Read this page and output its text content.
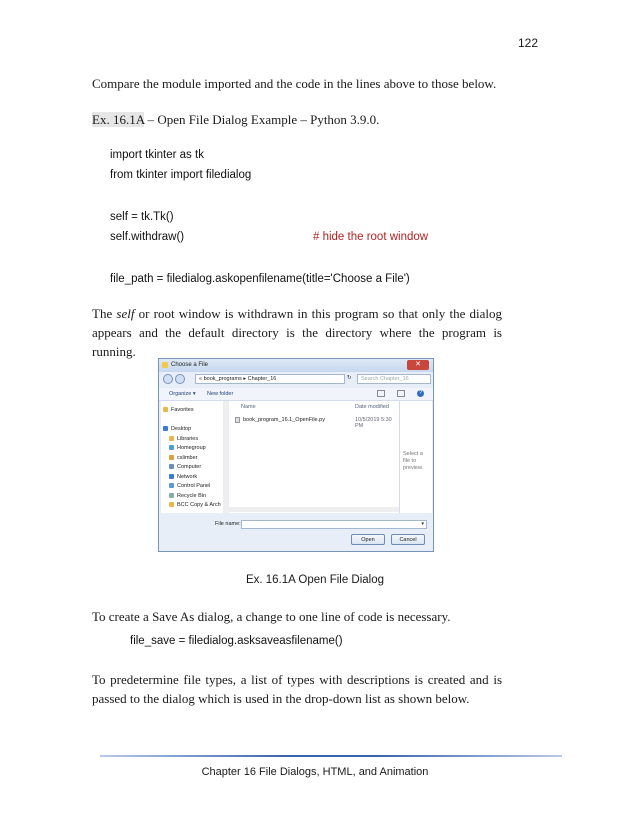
122
Compare the module imported and the code in the lines above to those below.
Ex. 16.1A – Open File Dialog Example – Python 3.9.0.
import tkinter as tk
from tkinter import filedialog
self = tk.Tk()
self.withdraw()	# hide the root window
file_path = filedialog.askopenfilename(title='Choose a File')
The self or root window is withdrawn in this program so that only the dialog appears and the default directory is the directory where the program is running.
Choose a File	✕
« book_programs ▸ Chapter_16	↻	Search Chapter_16
Organize ▾ New folder	?
Favorites
Desktop
Libraries
Homegroup
cslimber
Computer
Network
Control Panel
Recycle Bin
BCC Copy & Arch
Name	Date modified
book_program_16.1_OpenFile.py	10/5/2019 5:30 PM
Select a file to preview.
File name:	▾
Open	Cancel
Ex. 16.1A Open File Dialog
To create a Save As dialog, a change to one line of code is necessary.
file_save = filedialog.asksaveasfilename()
To predetermine file types, a list of types with descriptions is created and is passed to the dialog which is used in the drop-down list as shown below.
Chapter 16 File Dialogs, HTML, and Animation
